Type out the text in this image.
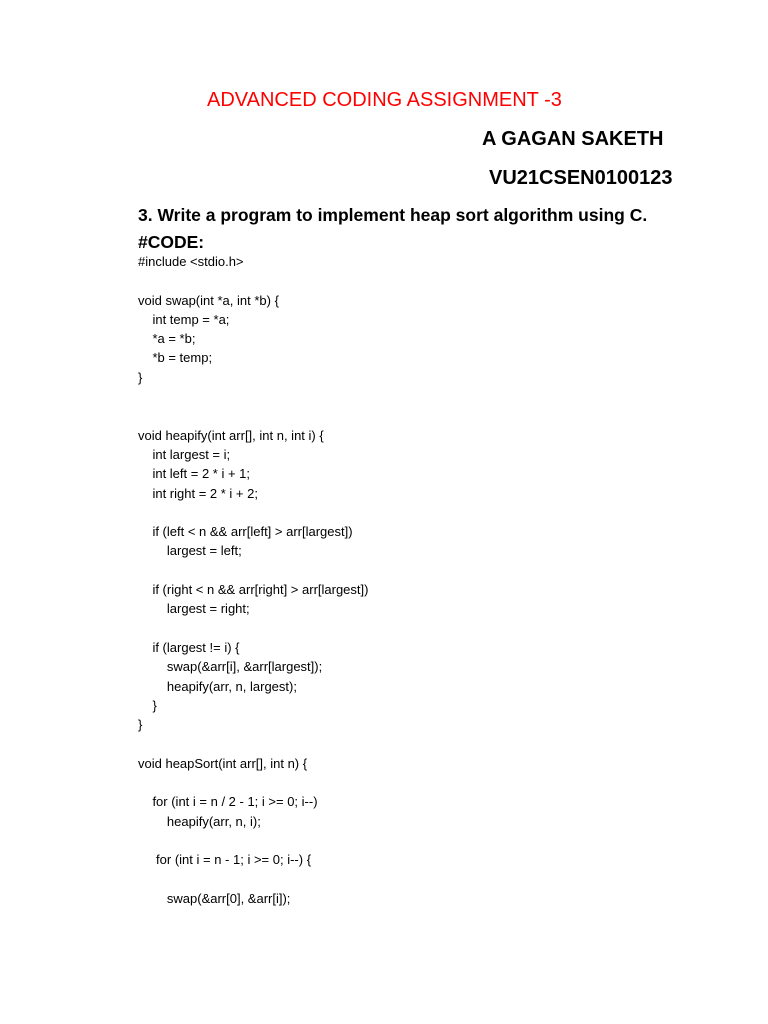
ADVANCED CODING ASSIGNMENT -3
A GAGAN SAKETH
VU21CSEN0100123
3. Write a program to implement heap sort algorithm using C.
#CODE:
#include <stdio.h>
void swap(int *a, int *b) {
int temp = *a;
*a = *b;
*b = temp;
}
void heapify(int arr[], int n, int i) {
int largest = i;
int left = 2 * i + 1;
int right = 2 * i + 2;
if (left < n && arr[left] > arr[largest])
largest = left;
if (right < n && arr[right] > arr[largest])
largest = right;
if (largest != i) {
swap(&arr[i], &arr[largest]);
heapify(arr, n, largest);
}
}
void heapSort(int arr[], int n) {
for (int i = n / 2 - 1; i >= 0; i--)
heapify(arr, n, i);
for (int i = n - 1; i >= 0; i--) {
swap(&arr[0], &arr[i]);
